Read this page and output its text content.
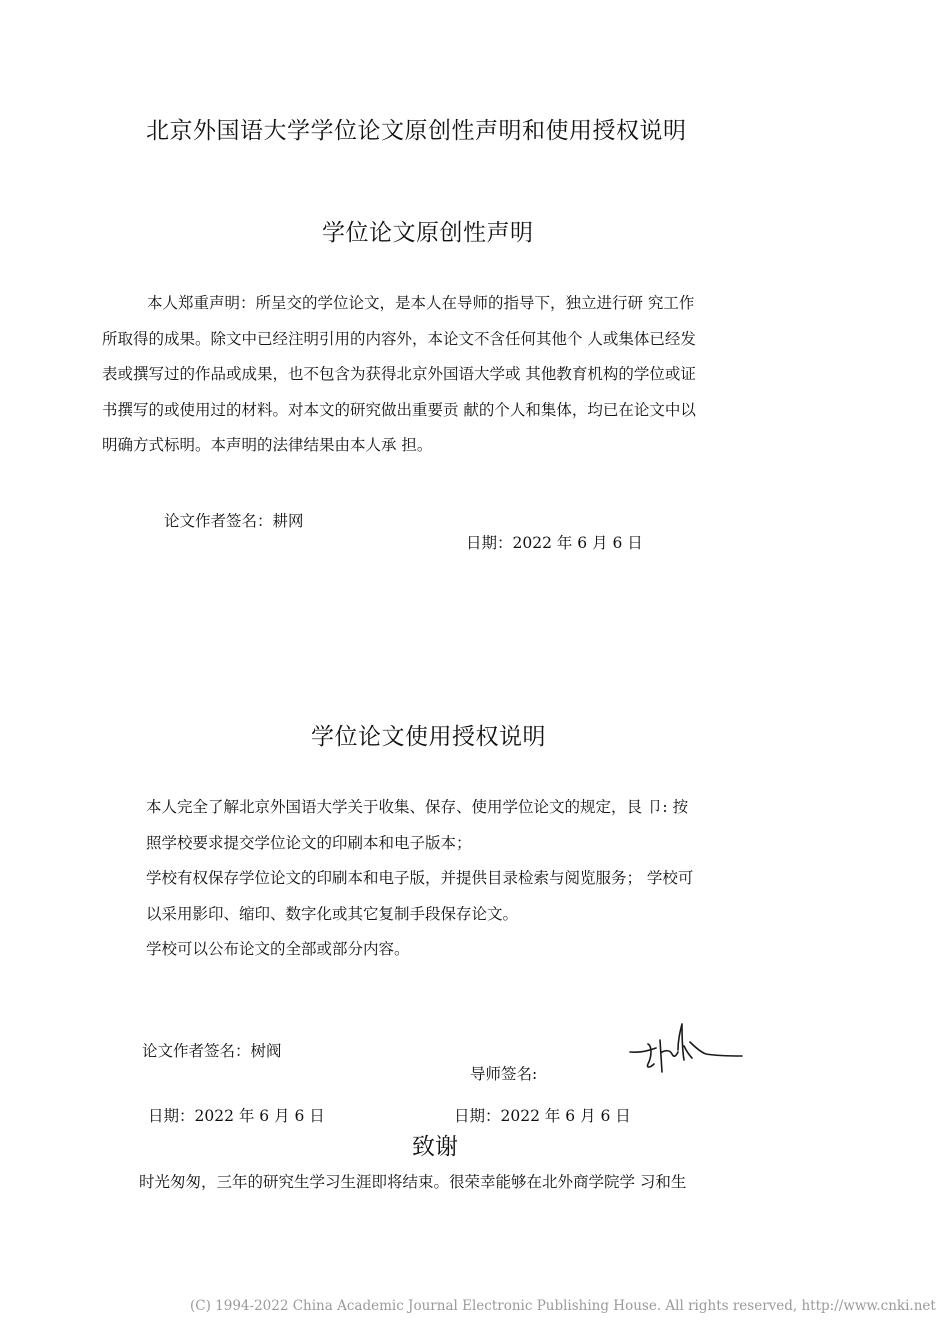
北京外国语大学学位论文原创性声明和使用授权说明
学位论文原创性声明
本人郑重声明：所呈交的学位论文，是本人在导师的指导下，独立进行研 究工作
所取得的成果。除文中已经注明引用的内容外，本论文不含任何其他个 人或集体已经发
表或撰写过的作品或成果，也不包含为获得北京外国语大学或 其他教育机构的学位或证
书撰写的或使用过的材料。对本文的研究做出重要贡 献的个人和集体，均已在论文中以
明确方式标明。本声明的法律结果由本人承 担。
论文作者签名：耕网
日期：2022 年 6 月 6 日
学位论文使用授权说明
本人完全了解北京外国语大学关于收集、保存、使用学位论文的规定，艮 卩: 按
照学校要求提交学位论文的印刷本和电子版本；
学校有权保存学位论文的印刷本和电子版，并提供目录检索与阅览服务； 学校可
以采用影印、缩印、数字化或其它复制手段保存论文。
学校可以公布论文的全部或部分内容。
论文作者签名：树阀
导师签名:
日期：2022 年 6 月 6 日	日期：2022 年 6 月 6 日
致谢
时光匆匆，三年的研究生学习生涯即将结束。很荣幸能够在北外商学院学 习和生
(C) 1994-2022 China Academic Journal Electronic Publishing House. All rights reserved, http://www.cnki.net
